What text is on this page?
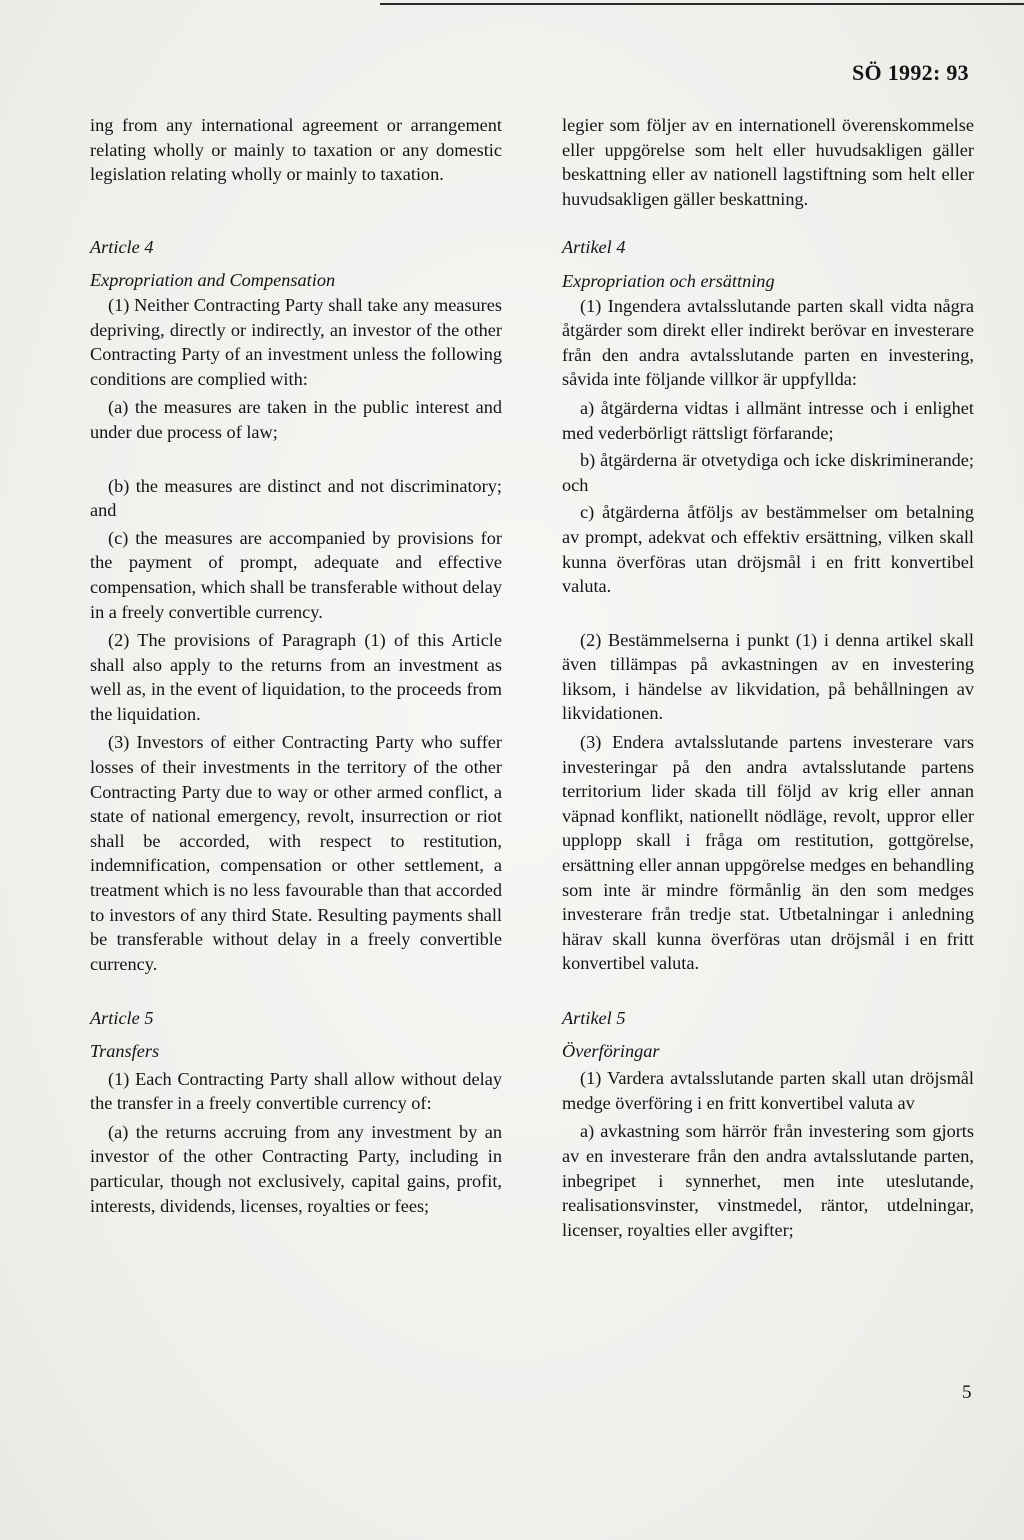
SÖ 1992: 93

ing from any international agreement or arrangement relating wholly or mainly to taxation or any domestic legislation relating wholly or mainly to taxation.

Article 4

Expropriation and Compensation

(1) Neither Contracting Party shall take any measures depriving, directly or indirectly, an investor of the other Contracting Party of an investment unless the following conditions are complied with:

(a) the measures are taken in the public interest and under due process of law;

(b) the measures are distinct and not discriminatory; and

(c) the measures are accompanied by provisions for the payment of prompt, adequate and effective compensation, which shall be transferable without delay in a freely convertible currency.

(2) The provisions of Paragraph (1) of this Article shall also apply to the returns from an investment as well as, in the event of liquidation, to the proceeds from the liquidation.

(3) Investors of either Contracting Party who suffer losses of their investments in the territory of the other Contracting Party due to way or other armed conflict, a state of national emergency, revolt, insurrection or riot shall be accorded, with respect to restitution, indemnification, compensation or other settlement, a treatment which is no less favourable than that accorded to investors of any third State. Resulting payments shall be transferable without delay in a freely convertible currency.

Article 5

Transfers

(1) Each Contracting Party shall allow without delay the transfer in a freely convertible currency of:

(a) the returns accruing from any investment by an investor of the other Contracting Party, including in particular, though not exclusively, capital gains, profit, interests, dividends, licenses, royalties or fees;

legier som följer av en internationell överenskommelse eller uppgörelse som helt eller huvudsakligen gäller beskattning eller av nationell lagstiftning som helt eller huvudsakligen gäller beskattning.

Artikel 4

Expropriation och ersättning

(1) Ingendera avtalsslutande parten skall vidta några åtgärder som direkt eller indirekt berövar en investerare från den andra avtalsslutande parten en investering, såvida inte följande villkor är uppfyllda:

a) åtgärderna vidtas i allmänt intresse och i enlighet med vederbörligt rättsligt förfarande;

b) åtgärderna är otvetydiga och icke diskriminerande; och

c) åtgärderna åtföljs av bestämmelser om betalning av prompt, adekvat och effektiv ersättning, vilken skall kunna överföras utan dröjsmål i en fritt konvertibel valuta.

(2) Bestämmelserna i punkt (1) i denna artikel skall även tillämpas på avkastningen av en investering liksom, i händelse av likvidation, på behållningen av likvidationen.

(3) Endera avtalsslutande partens investerare vars investeringar på den andra avtalsslutande partens territorium lider skada till följd av krig eller annan väpnad konflikt, nationellt nödläge, revolt, uppror eller upplopp skall i fråga om restitution, gottgörelse, ersättning eller annan uppgörelse medges en behandling som inte är mindre förmånlig än den som medges investerare från tredje stat. Utbetalningar i anledning härav skall kunna överföras utan dröjsmål i en fritt konvertibel valuta.

Artikel 5

Överföringar

(1) Vardera avtalsslutande parten skall utan dröjsmål medge överföring i en fritt konvertibel valuta av

a) avkastning som härrör från investering som gjorts av en investerare från den andra avtalsslutande parten, inbegripet i synnerhet, men inte uteslutande, realisationsvinster, vinstmedel, räntor, utdelningar, licenser, royalties eller avgifter;

5
